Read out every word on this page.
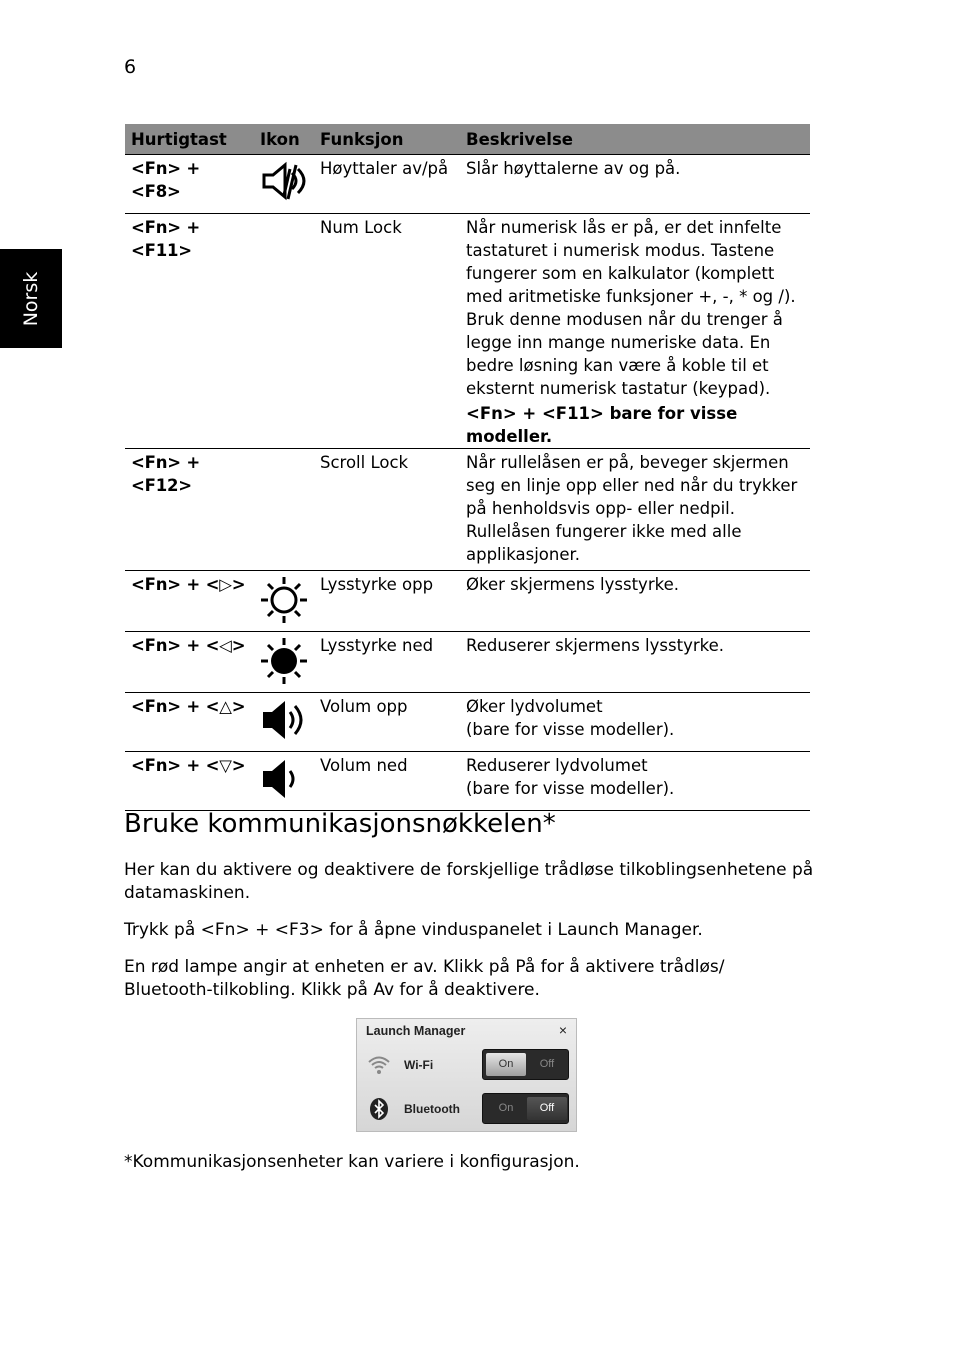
6
Norsk
Hurtigtast	Ikon	Funksjon	Beskrivelse
<Fn> + <F8>		Høyttaler av/på	Slår høyttalerne av og på.
<Fn> + <F11>		Num Lock	Når numerisk lås er på, er det innfelte tastaturet i numerisk modus. Tastene fungerer som en kalkulator (komplett med aritmetiske funksjoner +, -, * og /). Bruk denne modusen når du trenger å legge inn mange numeriske data. En bedre løsning kan være å koble til et eksternt numerisk tastatur (keypad).
<Fn> + <F11> bare for visse modeller.

<Fn> + <F12>		Scroll Lock	Når rullelåsen er på, beveger skjermen seg en linje opp eller ned når du trykker på henholdsvis opp- eller nedpil. Rullelåsen fungerer ikke med alle applikasjoner.
<Fn> + <▷>		Lysstyrke opp	Øker skjermens lysstyrke.
<Fn> + <◁>		Lysstyrke ned	Reduserer skjermens lysstyrke.
<Fn> + <△>		Volum opp	Øker lydvolumet
(bare for visse modeller).

<Fn> + <▽>		Volum ned	Reduserer lydvolumet
(bare for visse modeller).
Bruke kommunikasjonsnøkkelen*

Her kan du aktivere og deaktivere de forskjellige trådløse tilkoblingsenhetene på datamaskinen.

Trykk på <Fn> + <F3> for å åpne vinduspanelet i Launch Manager.

En rød lampe angir at enheten er av. Klikk på På for å aktivere trådløs/ Bluetooth-tilkobling. Klikk på Av for å deaktivere.

Launch Manager	×
Wi-Fi	On	Off
Bluetooth	On	Off

*Kommunikasjonsenheter kan variere i konfigurasjon.
